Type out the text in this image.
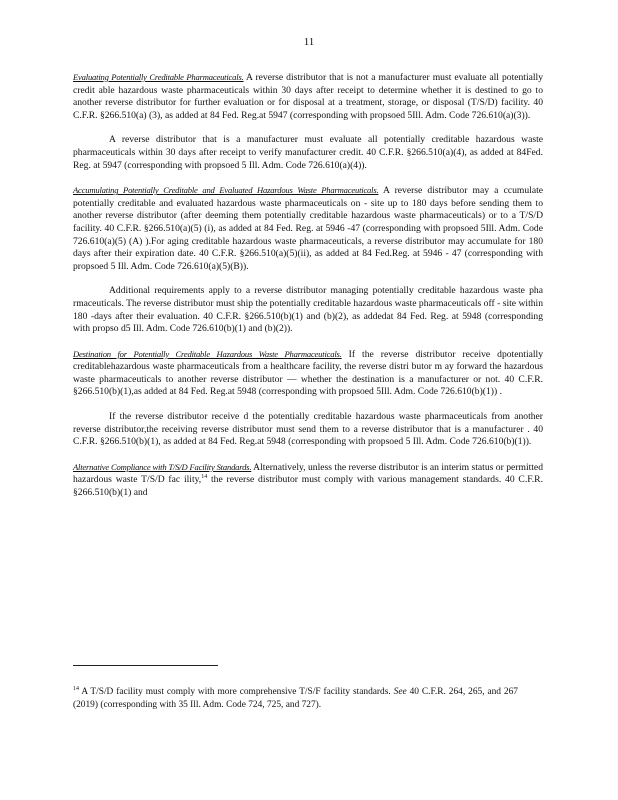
11

Evaluating Potentially Creditable Pharmaceuticals. A reverse distributor that is not a manufacturer must evaluate all potentially credit able hazardous waste pharmaceuticals within 30 days after receipt to determine whether it is destined to go to another reverse distributor for further evaluation or for disposal at a treatment, storage, or disposal (T/S/D) facility. 40 C.F.R. §266.510(a) (3), as added at 84 Fed. Reg.at 5947 (corresponding with propsoed 5Ill. Adm. Code 726.610(a)(3)).

A reverse distributor that is a manufacturer must evaluate all potentially creditable hazardous waste pharmaceuticals within 30 days after receipt to verify manufacturer credit. 40 C.F.R. §266.510(a)(4), as added at 84Fed. Reg. at 5947 (corresponding with propsoed 5 Ill. Adm. Code 726.610(a)(4)).

Accumulating Potentially Creditable and Evaluated Hazardous Waste Pharmaceuticals. A reverse distributor may a ccumulate potentially creditable and evaluated hazardous waste pharmaceuticals on - site up to 180 days before sending them to another reverse distributor (after deeming them potentially creditable hazardous waste pharmaceuticals) or to a T/S/D facility. 40 C.F.R. §266.510(a)(5) (i), as added at 84 Fed. Reg. at 5946 -47 (corresponding with propsoed 5Ill. Adm. Code 726.610(a)(5) (A) ).For aging creditable hazardous waste pharmaceuticals, a reverse distributor may accumulate for 180 days after their expiration date. 40 C.F.R. §266.510(a)(5)(ii), as added at 84 Fed.Reg. at 5946 - 47 (corresponding with propsoed 5 Ill. Adm. Code 726.610(a)(5)(B)).

Additional requirements apply to a reverse distributor managing potentially creditable hazardous waste pha rmaceuticals. The reverse distributor must ship the potentially creditable hazardous waste pharmaceuticals off - site within 180 -days after their evaluation. 40 C.F.R. §266.510(b)(1) and (b)(2), as addedat 84 Fed. Reg. at 5948 (corresponding with propso d5 Ill. Adm. Code 726.610(b)(1) and (b)(2)).

Destination for Potentially Creditable Hazardous Waste Pharmaceuticals. If the reverse distributor receive dpotentially creditablehazardous waste pharmaceuticals from a healthcare facility, the reverse distri butor m ay forward the hazardous waste pharmaceuticals to another reverse distributor — whether the destination is a manufacturer or not. 40 C.F.R. §266.510(b)(1),as added at 84 Fed. Reg.at 5948 (corresponding with propsoed 5Ill. Adm. Code 726.610(b)(1)) .

If the reverse distributor receive d the potentially creditable hazardous waste pharmaceuticals from another reverse distributor,the receiving reverse distributor must send them to a reverse distributor that is a manufacturer . 40 C.F.R. §266.510(b)(1), as added at 84 Fed. Reg.at 5948 (corresponding with propsoed 5 Ill. Adm. Code 726.610(b)(1)).

Alternative Compliance with T/S/D Facility Standards. Alternatively, unless the reverse distributor is an interim status or permitted hazardous waste T/S/D fac ility,$^{14}$ the reverse distributor must comply with various management standards. 40 C.F.R. §266.510(b)(1) and

$^{14}$ A T/S/D facility must comply with more comprehensive T/S/F facility standards. See 40 C.F.R. 264, 265, and 267 (2019) (corresponding with 35 Ill. Adm. Code 724, 725, and 727).
